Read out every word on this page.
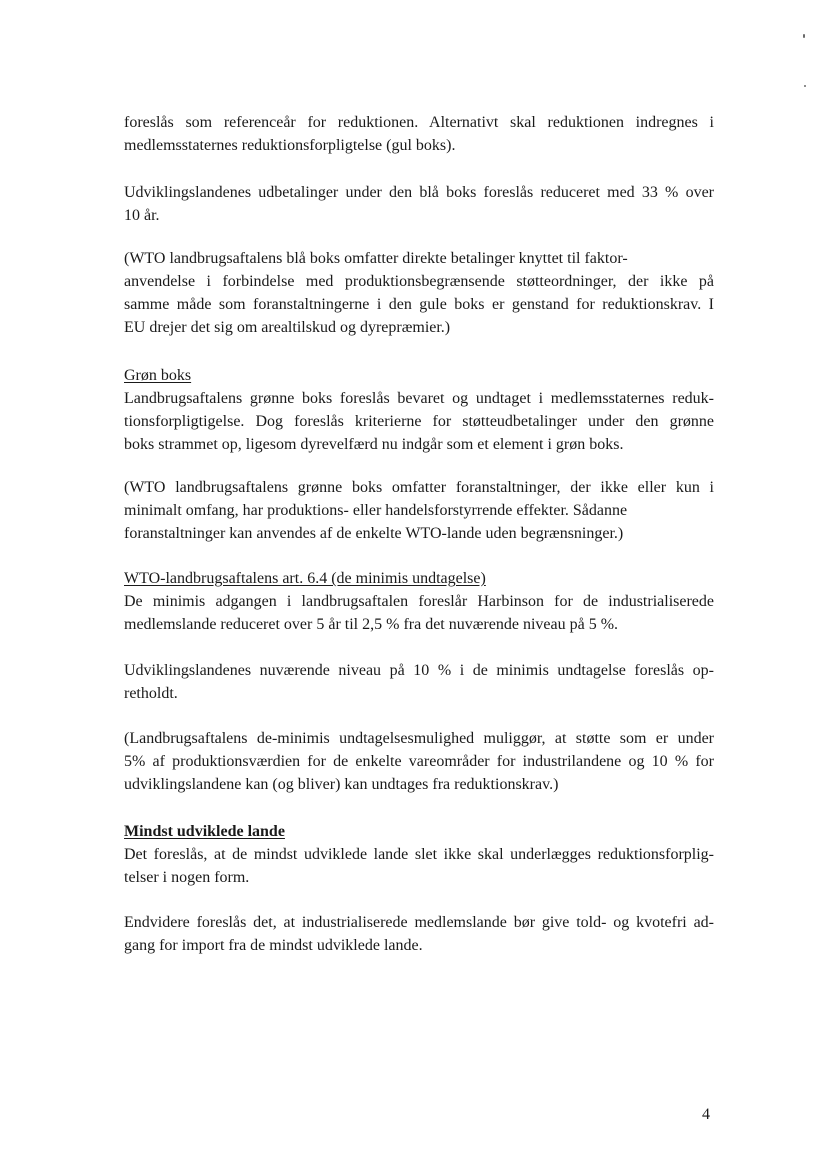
foreslås som referenceår for reduktionen. Alternativt skal reduktionen indregnes i
medlemsstaternes reduktionsforpligtelse (gul boks).
Udviklingslandenes udbetalinger under den blå boks foreslås reduceret med 33 % over
10 år.
(WTO landbrugsaftalens blå boks omfatter direkte betalinger knyttet til faktor-
anvendelse i forbindelse med produktionsbegrænsende støtteordninger, der ikke på
samme måde som foranstaltningerne i den gule boks er genstand for reduktionskrav. I
EU drejer det sig om arealtilskud og dyrepræmier.)
Grøn boks
Landbrugsaftalens grønne boks foreslås bevaret og undtaget i medlemsstaternes reduk-
tionsforpligtigelse. Dog foreslås kriterierne for støtteudbetalinger under den grønne
boks strammet op, ligesom dyrevelfærd nu indgår som et element i grøn boks.
(WTO landbrugsaftalens grønne boks omfatter foranstaltninger, der ikke eller kun i
minimalt omfang, har produktions- eller handelsforstyrrende effekter. Sådanne
foranstaltninger kan anvendes af de enkelte WTO-lande uden begrænsninger.)
WTO-landbrugsaftalens art. 6.4 (de minimis undtagelse)
De minimis adgangen i landbrugsaftalen foreslår Harbinson for de industrialiserede
medlemslande reduceret over 5 år til 2,5 % fra det nuværende niveau på 5 %.
Udviklingslandenes nuværende niveau på 10 % i de minimis undtagelse foreslås op-
retholdt.
(Landbrugsaftalens de-minimis undtagelsesmulighed muliggør, at støtte som er under
5% af produktionsværdien for de enkelte vareområder for industrilandene og 10 % for
udviklingslandene kan (og bliver) kan undtages fra reduktionskrav.)
Mindst udviklede lande
Det foreslås, at de mindst udviklede lande slet ikke skal underlægges reduktionsforplig-
telser i nogen form.
Endvidere foreslås det, at industrialiserede medlemslande bør give told- og kvotefri ad-
gang for import fra de mindst udviklede lande.
4
